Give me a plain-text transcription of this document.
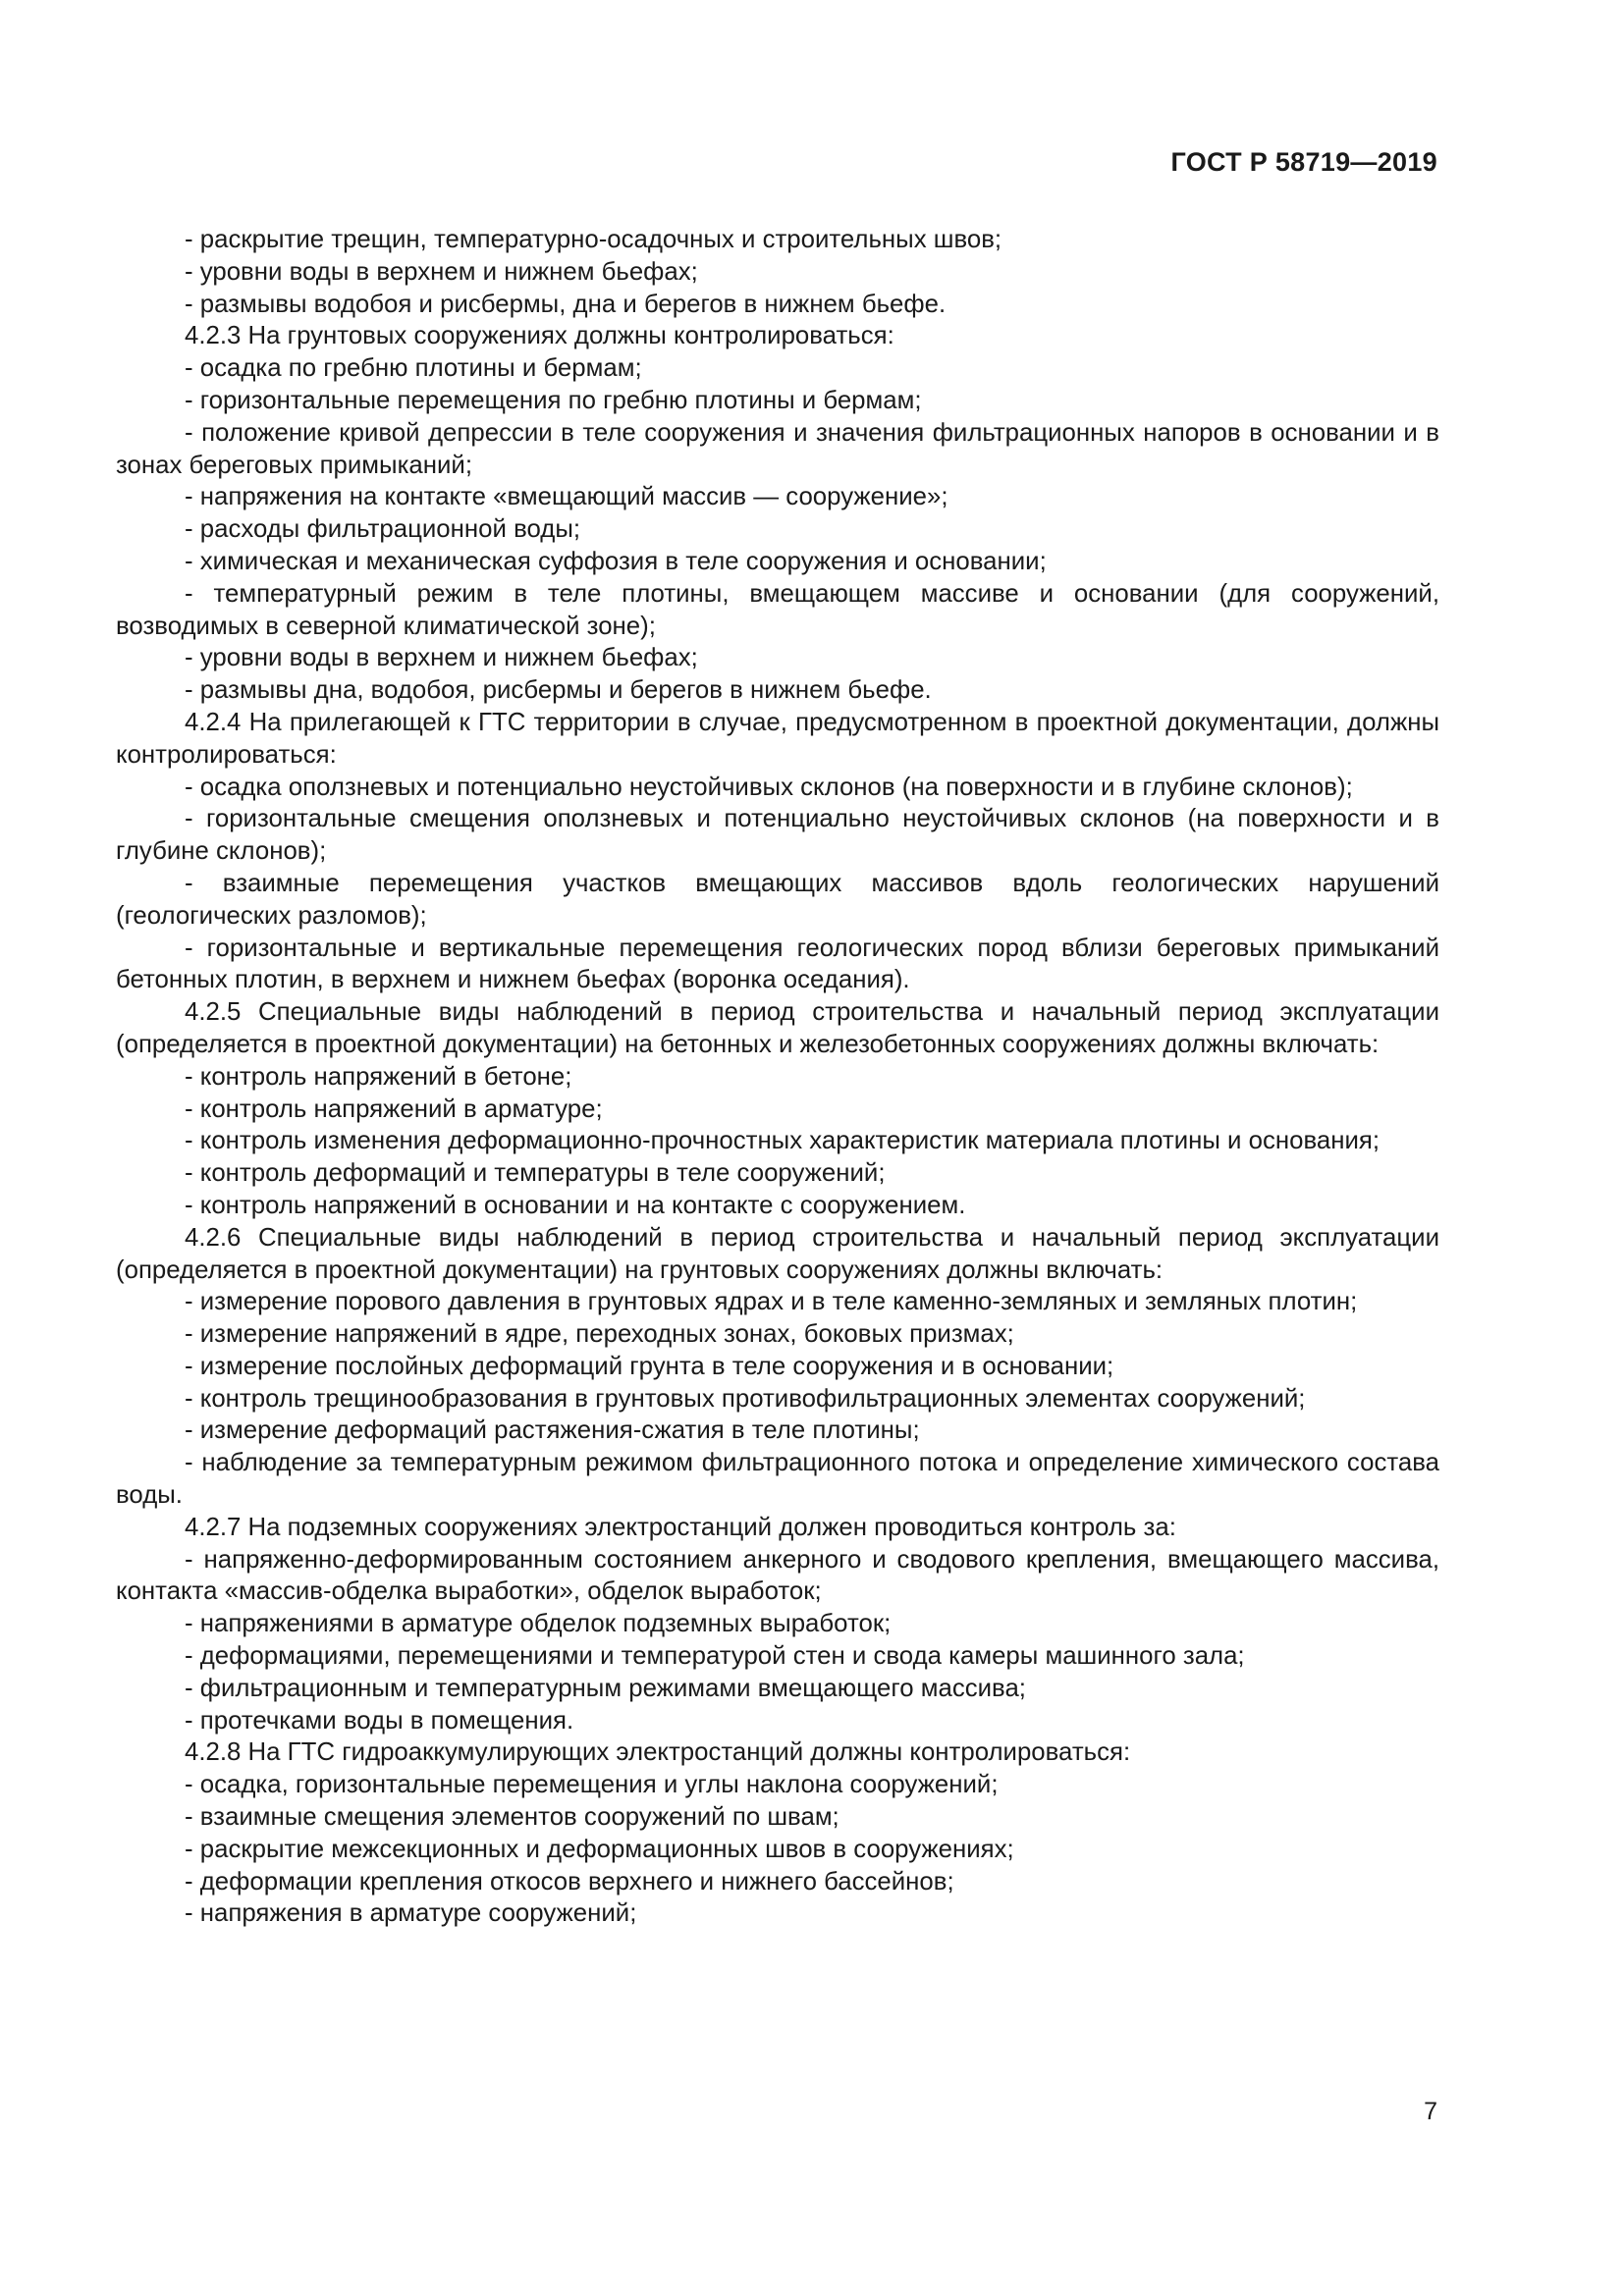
ГОСТ Р 58719—2019

- раскрытие трещин, температурно-осадочных и строительных швов;

- уровни воды в верхнем и нижнем бьефах;

- размывы водобоя и рисбермы, дна и берегов в нижнем бьефе.

4.2.3 На грунтовых сооружениях должны контролироваться:

- осадка по гребню плотины и бермам;

- горизонтальные перемещения по гребню плотины и бермам;

- положение кривой депрессии в теле сооружения и значения фильтрационных напоров в основании и в зонах береговых примыканий;

- напряжения на контакте «вмещающий массив — сооружение»;

- расходы фильтрационной воды;

- химическая и механическая суффозия в теле сооружения и основании;

- температурный режим в теле плотины, вмещающем массиве и основании (для сооружений, возводимых в северной климатической зоне);

- уровни воды в верхнем и нижнем бьефах;

- размывы дна, водобоя, рисбермы и берегов в нижнем бьефе.

4.2.4 На прилегающей к ГТС территории в случае, предусмотренном в проектной документации, должны контролироваться:

- осадка оползневых и потенциально неустойчивых склонов (на поверхности и в глубине склонов);

- горизонтальные смещения оползневых и потенциально неустойчивых склонов (на поверхности и в глубине склонов);

- взаимные перемещения участков вмещающих массивов вдоль геологических нарушений (геологических разломов);

- горизонтальные и вертикальные перемещения геологических пород вблизи береговых примыканий бетонных плотин, в верхнем и нижнем бьефах (воронка оседания).

4.2.5 Специальные виды наблюдений в период строительства и начальный период эксплуатации (определяется в проектной документации) на бетонных и железобетонных сооружениях должны включать:

- контроль напряжений в бетоне;

- контроль напряжений в арматуре;

- контроль изменения деформационно-прочностных характеристик материала плотины и основания;

- контроль деформаций и температуры в теле сооружений;

- контроль напряжений в основании и на контакте с сооружением.

4.2.6 Специальные виды наблюдений в период строительства и начальный период эксплуатации (определяется в проектной документации) на грунтовых сооружениях должны включать:

- измерение порового давления в грунтовых ядрах и в теле каменно-земляных и земляных плотин;

- измерение напряжений в ядре, переходных зонах, боковых призмах;

- измерение послойных деформаций грунта в теле сооружения и в основании;

- контроль трещинообразования в грунтовых противофильтрационных элементах сооружений;

- измерение деформаций растяжения-сжатия в теле плотины;

- наблюдение за температурным режимом фильтрационного потока и определение химического состава воды.

4.2.7 На подземных сооружениях электростанций должен проводиться контроль за:

- напряженно-деформированным состоянием анкерного и сводового крепления, вмещающего массива, контакта «массив-обделка выработки», обделок выработок;

- напряжениями в арматуре обделок подземных выработок;

- деформациями, перемещениями и температурой стен и свода камеры машинного зала;

- фильтрационным и температурным режимами вмещающего массива;

- протечками воды в помещения.

4.2.8 На ГТС гидроаккумулирующих электростанций должны контролироваться:

- осадка, горизонтальные перемещения и углы наклона сооружений;

- взаимные смещения элементов сооружений по швам;

- раскрытие межсекционных и деформационных швов в сооружениях;

- деформации крепления откосов верхнего и нижнего бассейнов;

- напряжения в арматуре сооружений;

7
